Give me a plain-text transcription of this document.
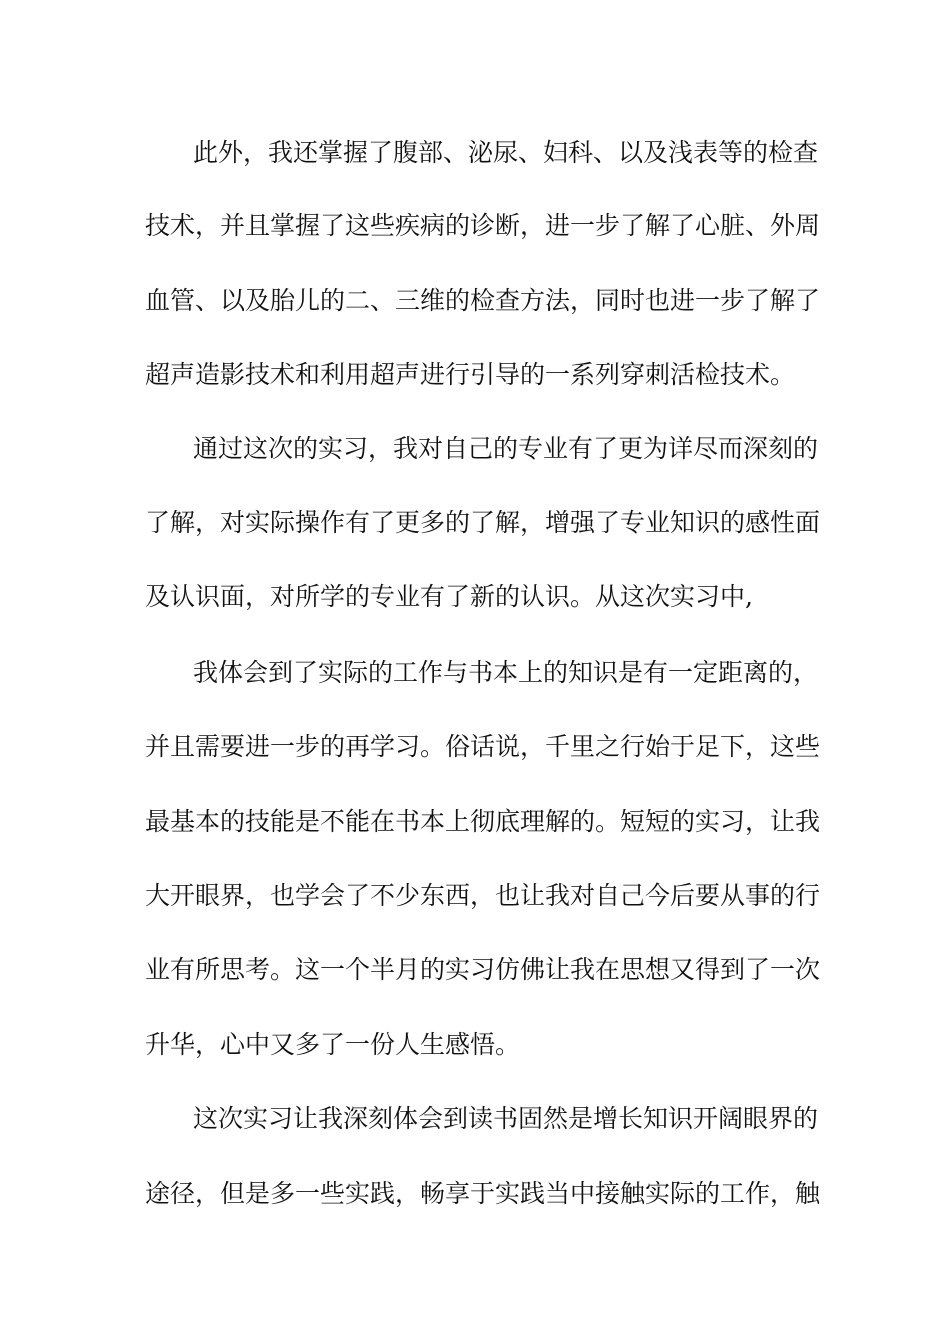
此外，我还掌握了腹部、泌尿、妇科、以及浅表等的检查
技术，并且掌握了这些疾病的诊断，进一步了解了心脏、外周
血管、以及胎儿的二、三维的检查方法，同时也进一步了解了
超声造影技术和利用超声进行引导的一系列穿刺活检技术。
通过这次的实习，我对自己的专业有了更为详尽而深刻的
了解，对实际操作有了更多的了解，增强了专业知识的感性面
及认识面，对所学的专业有了新的认识。从这次实习中,
我体会到了实际的工作与书本上的知识是有一定距离的，
并且需要进一步的再学习。俗话说，千里之行始于足下，这些
最基本的技能是不能在书本上彻底理解的。短短的实习，让我
大开眼界，也学会了不少东西，也让我对自己今后要从事的行
业有所思考。这一个半月的实习仿佛让我在思想又得到了一次
升华，心中又多了一份人生感悟。
这次实习让我深刻体会到读书固然是增长知识开阔眼界的
途径，但是多一些实践，畅享于实践当中接触实际的工作，触
